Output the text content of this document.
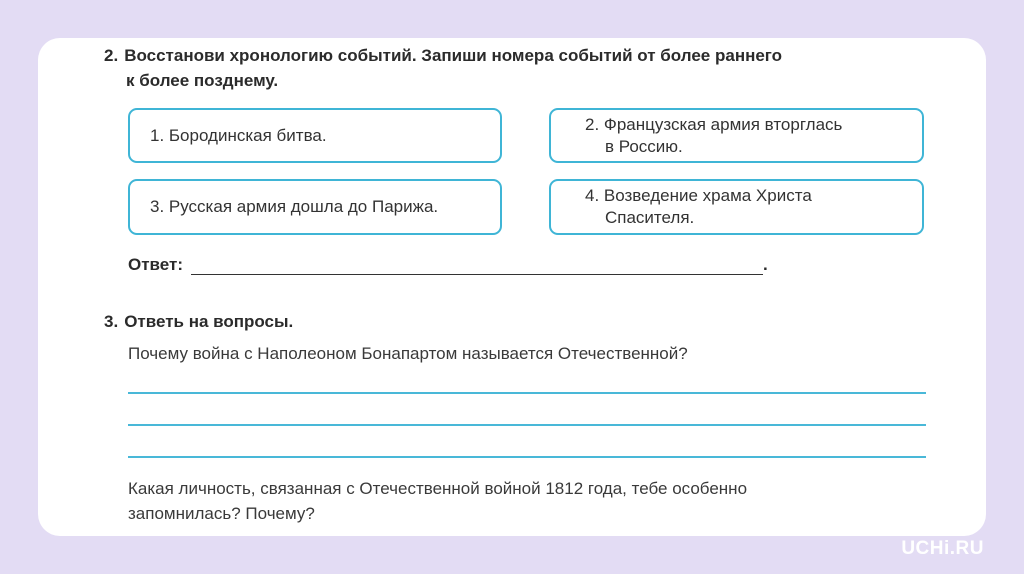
2. Восстанови хронологию событий. Запиши номера событий от более раннего
к более позднему.
1. Бородинская битва.
2. Французская армия вторглась
в Россию.
3. Русская армия дошла до Парижа.
4. Возведение храма Христа
Спасителя.
Ответ:	.
3. Ответь на вопросы.
Почему война с Наполеоном Бонапартом называется Отечественной?
Какая личность, связанная с Отечественной войной 1812 года, тебе особенно
запомнилась? Почему?
UCHi.RU
